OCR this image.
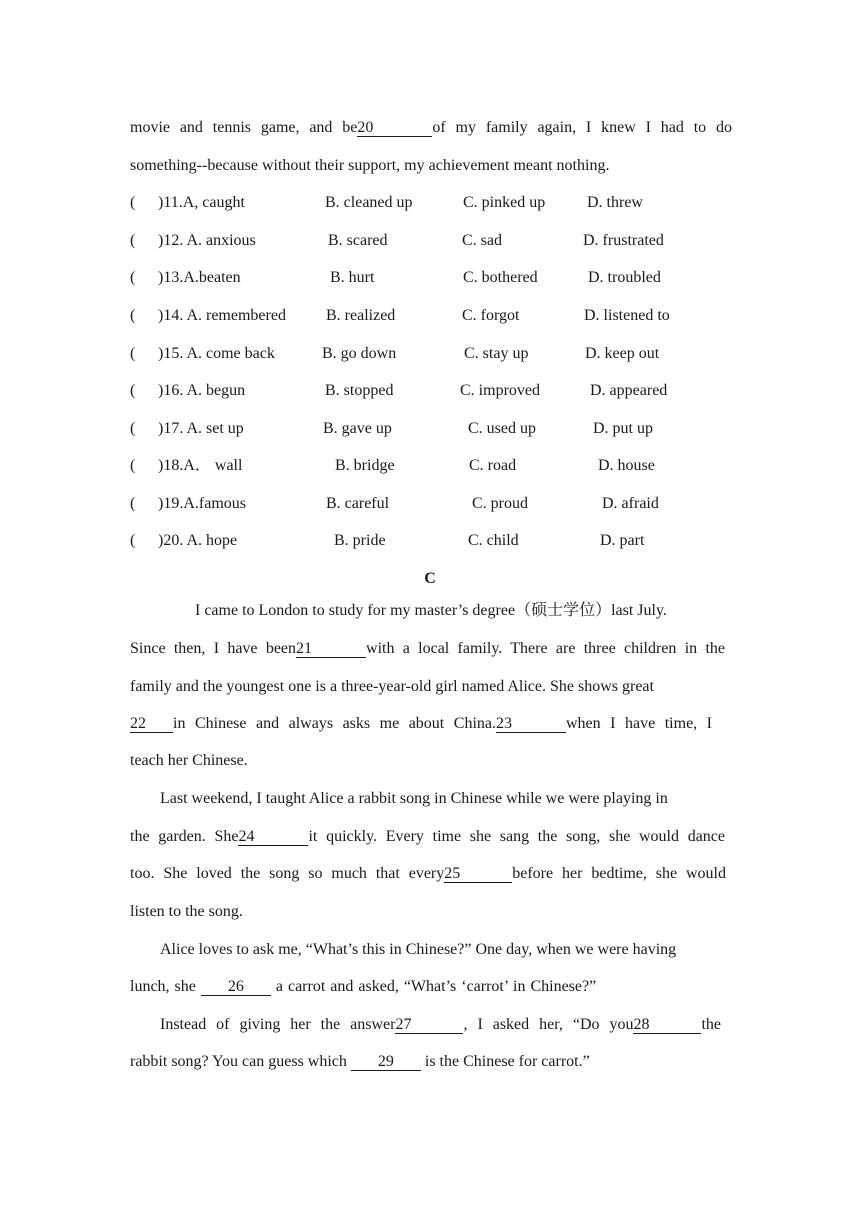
movie and tennis game, and be20	of my family again, I knew I had to do
something--because without their support, my achievement meant nothing.
( )11.A, caught	B. cleaned up	C. pinked up	D. threw
( )12. A. anxious	B. scared	C. sad	D. frustrated
( )13.A.beaten	B. hurt	C. bothered	D. troubled
( )14. A. remembered	B. realized	C. forgot	D. listened to
( )15. A. come back	B. go down	C. stay up	D. keep out
( )16. A. begun	B. stopped	C. improved	D. appeared
( )17. A. set up	B. gave up	C. used up	D. put up
( )18.A． wall	B. bridge	C. road	D. house
( )19.A.famous	B. careful	C. proud	D. afraid
( )20. A. hope	B. pride	C. child	D. part
C
I came to London to study for my master’s degree（硕士学位）last July.
Since then, I have been21	with a local family. There are three children in the
family and the youngest one is a three-year-old girl named Alice. She shows great
22 in Chinese and always asks me about China.23	when I have time, I
teach her Chinese.
Last weekend, I taught Alice a rabbit song in Chinese while we were playing in
the garden. She24	it quickly. Every time she sang the song, she would dance
too. She loved the song so much that every25	before her bedtime, she would
listen to the song.
Alice loves to ask me, “What’s this in Chinese?” One day, when we were having
lunch, she 26 a carrot and asked, “What’s ‘carrot’ in Chinese?”
Instead of giving her the answer27	, I asked her, “Do you28	the
rabbit song? You can guess which 29 is the Chinese for carrot.”
